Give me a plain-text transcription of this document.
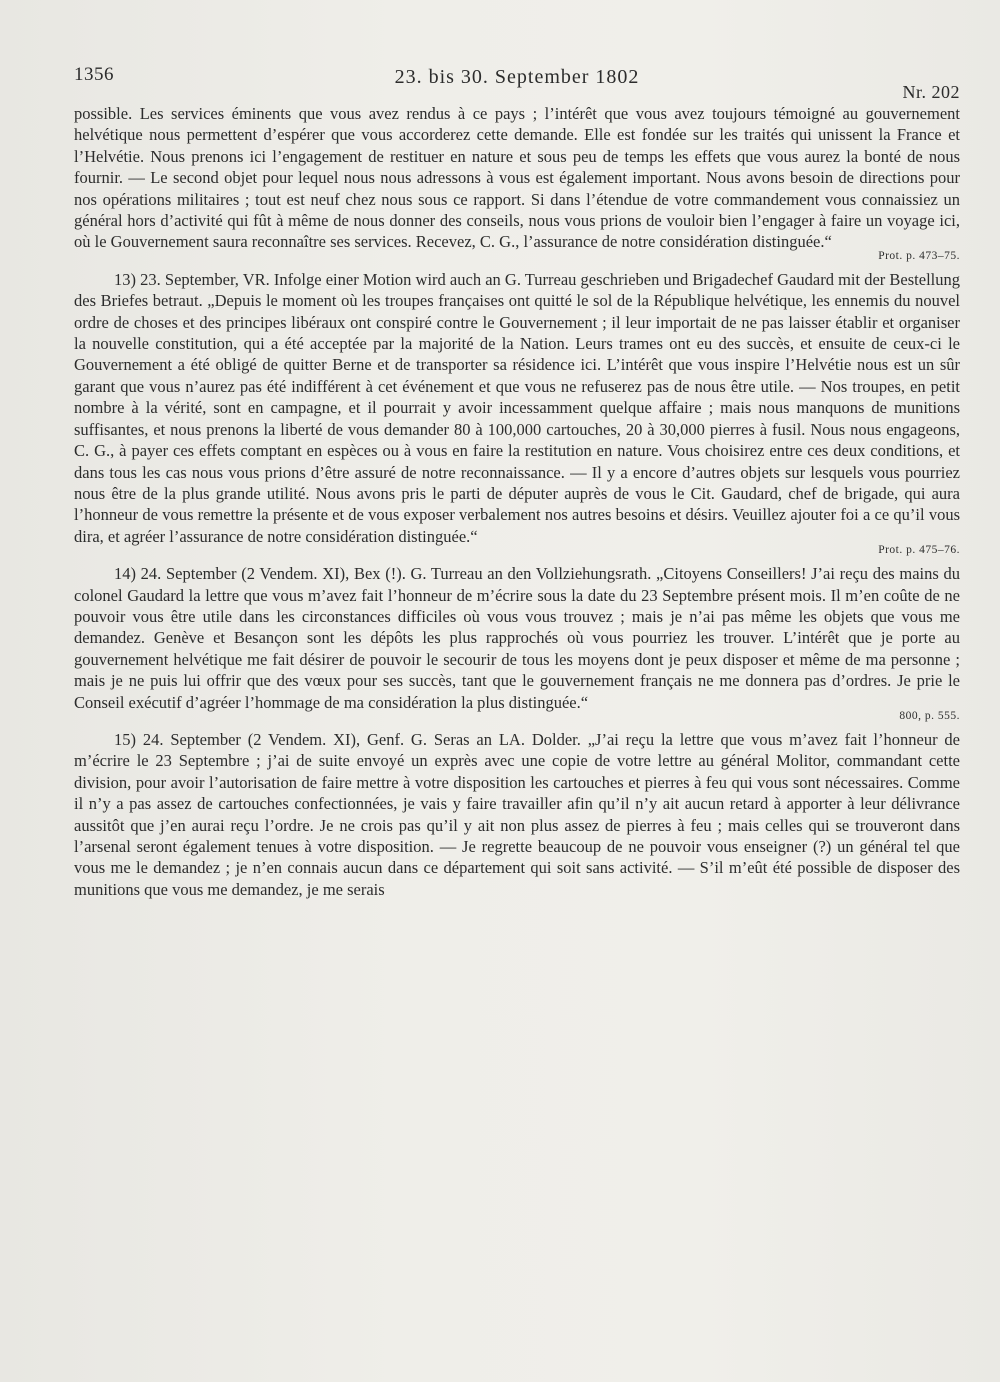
1356	23. bis 30. September 1802
Nr. 202

possible. Les services éminents que vous avez rendus à ce pays ; l’intérêt que vous avez toujours témoigné au gouvernement helvétique nous permettent d’espérer que vous accorderez cette demande. Elle est fondée sur les traités qui unissent la France et l’Helvétie. Nous prenons ici l’engagement de restituer en nature et sous peu de temps les effets que vous aurez la bonté de nous fournir. — Le second objet pour lequel nous nous adressons à vous est également important. Nous avons besoin de directions pour nos opérations militaires ; tout est neuf chez nous sous ce rapport. Si dans l’étendue de votre commandement vous connaissiez un général hors d’activité qui fût à même de nous donner des conseils, nous vous prions de vouloir bien l’engager à faire un voyage ici, où le Gouvernement saura reconnaître ses services. Recevez, C. G., l’assurance de notre considération distinguée.“

Prot. p. 473–75.

13) 23. September, VR. Infolge einer Motion wird auch an G. Turreau geschrieben und Brigadechef Gaudard mit der Bestellung des Briefes betraut. „Depuis le moment où les troupes françaises ont quitté le sol de la République helvétique, les ennemis du nouvel ordre de choses et des principes libéraux ont conspiré contre le Gouvernement ; il leur importait de ne pas laisser établir et organiser la nouvelle constitution, qui a été acceptée par la majorité de la Nation. Leurs trames ont eu des succès, et ensuite de ceux-ci le Gouvernement a été obligé de quitter Berne et de transporter sa résidence ici. L’intérêt que vous inspire l’Helvétie nous est un sûr garant que vous n’aurez pas été indifférent à cet événement et que vous ne refuserez pas de nous être utile. — Nos troupes, en petit nombre à la vérité, sont en campagne, et il pourrait y avoir incessamment quelque affaire ; mais nous manquons de munitions suffisantes, et nous prenons la liberté de vous demander 80 à 100,000 cartouches, 20 à 30,000 pierres à fusil. Nous nous engageons, C. G., à payer ces effets comptant en espèces ou à vous en faire la restitution en nature. Vous choisirez entre ces deux conditions, et dans tous les cas nous vous prions d’être assuré de notre reconnaissance. — Il y a encore d’autres objets sur lesquels vous pourriez nous être de la plus grande utilité. Nous avons pris le parti de députer auprès de vous le Cit. Gaudard, chef de brigade, qui aura l’honneur de vous remettre la présente et de vous exposer verbalement nos autres besoins et désirs. Veuillez ajouter foi a ce qu’il vous dira, et agréer l’assurance de notre considération distinguée.“

Prot. p. 475–76.

14) 24. September (2 Vendem. XI), Bex (!). G. Turreau an den Vollziehungsrath. „Citoyens Conseillers! J’ai reçu des mains du colonel Gaudard la lettre que vous m’avez fait l’honneur de m’écrire sous la date du 23 Septembre présent mois. Il m’en coûte de ne pouvoir vous être utile dans les circonstances difficiles où vous vous trouvez ; mais je n’ai pas même les objets que vous me demandez. Genève et Besançon sont les dépôts les plus rapprochés où vous pourriez les trouver. L’intérêt que je porte au gouvernement helvétique me fait désirer de pouvoir le secourir de tous les moyens dont je peux disposer et même de ma personne ; mais je ne puis lui offrir que des vœux pour ses succès, tant que le gouvernement français ne me donnera pas d’ordres. Je prie le Conseil exécutif d’agréer l’hommage de ma considération la plus distinguée.“

800, p. 555.

15) 24. September (2 Vendem. XI), Genf. G. Seras an LA. Dolder. „J’ai reçu la lettre que vous m’avez fait l’honneur de m’écrire le 23 Septembre ; j’ai de suite envoyé un exprès avec une copie de votre lettre au général Molitor, commandant cette division, pour avoir l’autorisation de faire mettre à votre disposition les cartouches et pierres à feu qui vous sont nécessaires. Comme il n’y a pas assez de cartouches confectionnées, je vais y faire travailler afin qu’il n’y ait aucun retard à apporter à leur délivrance aussitôt que j’en aurai reçu l’ordre. Je ne crois pas qu’il y ait non plus assez de pierres à feu ; mais celles qui se trouveront dans l’arsenal seront également tenues à votre disposition. — Je regrette beaucoup de ne pouvoir vous enseigner (?) un général tel que vous me le demandez ; je n’en connais aucun dans ce département qui soit sans activité. — S’il m’eût été possible de disposer des munitions que vous me demandez, je me serais
